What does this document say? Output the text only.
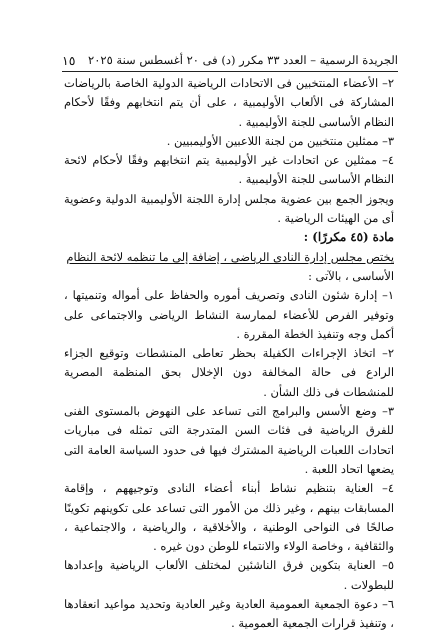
الجريدة الرسمية – العدد ٣٣ مكرر (د) فى ٢٠ أغسطس سنة ٢٠٢٥
١٥

٢– الأعضاء المنتخبين فى الاتحادات الرياضية الدولية الخاصة بالرياضات المشاركة فى الألعاب الأوليمبية ، على أن يتم انتخابهم وفقًا لأحكام النظام الأساسى للجنة الأوليمبية .

٣– ممثلين منتخبين من لجنة اللاعبين الأوليمبيين .

٤– ممثلين عن اتحادات غير الأوليمبية يتم انتخابهم وفقًا لأحكام لائحة النظام الأساسى للجنة الأوليمبية .

ويجوز الجمع بين عضوية مجلس إدارة اللجنة الأوليمبية الدولية وعضوية أى من الهيئات الرياضية .

مادة (٤٥ مكررًا) :

يختص مجلس إدارة النادى الرياضى ، إضافة إلى ما تنظمه لائحة النظام
الأساسى ، بالآتى :

١– إدارة شئون النادى وتصريف أموره والحفاظ على أمواله وتنميتها ، وتوفير الفرص للأعضاء لممارسة النشاط الرياضى والاجتماعى على أكمل وجه وتنفيذ الخطة المقررة .

٢– اتخاذ الإجراءات الكفيلة بحظر تعاطى المنشطات وتوقيع الجزاء الرادع فى حالة المخالفة دون الإخلال بحق المنظمة المصرية للمنشطات فى ذلك الشأن .

٣– وضع الأسس والبرامج التى تساعد على النهوض بالمستوى الفنى للفرق الرياضية فى فئات السن المتدرجة التى تمثله فى مباريات اتحادات اللعبات الرياضية المشترك فيها فى حدود السياسة العامة التى يضعها اتحاد اللعبة .

٤– العناية بتنظيم نشاط أبناء أعضاء النادى وتوجيههم ، وإقامة المسابقات بينهم ، وغير ذلك من الأمور التى تساعد على تكوينهم تكوينًا صالحًا فى النواحى الوطنية ، والأخلاقية ، والرياضية ، والاجتماعية ، والثقافية ، وخاصة الولاء والانتماء للوطن دون غيره .

٥– العناية بتكوين فرق الناشئين لمختلف الألعاب الرياضية وإعدادها للبطولات .

٦– دعوة الجمعية العمومية العادية وغير العادية وتحديد مواعيد انعقادها ، وتنفيذ قرارات الجمعية العمومية .
